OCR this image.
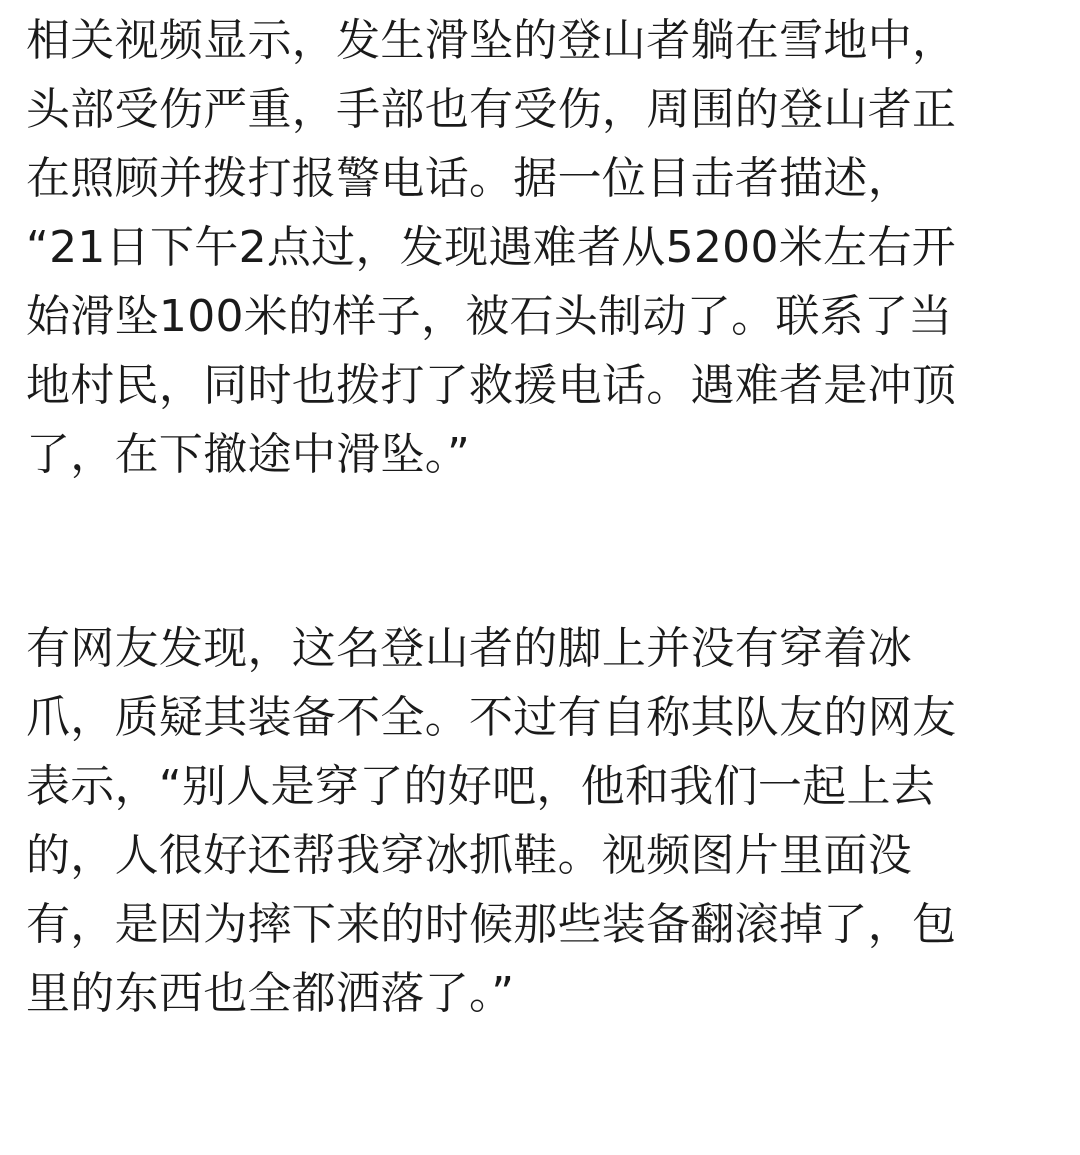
相关视频显示，发生滑坠的登山者躺在雪地中，
头部受伤严重，手部也有受伤，周围的登山者正
在照顾并拨打报警电话。据一位目击者描述，
“21日下午2点过，发现遇难者从5200米左右开
始滑坠100米的样子，被石头制动了。联系了当
地村民，同时也拨打了救援电话。遇难者是冲顶
了，在下撤途中滑坠。”
有网友发现，这名登山者的脚上并没有穿着冰
爪，质疑其装备不全。不过有自称其队友的网友
表示，“别人是穿了的好吧，他和我们一起上去
的，人很好还帮我穿冰抓鞋。视频图片里面没
有，是因为摔下来的时候那些装备翻滚掉了，包
里的东西也全都洒落了。”
